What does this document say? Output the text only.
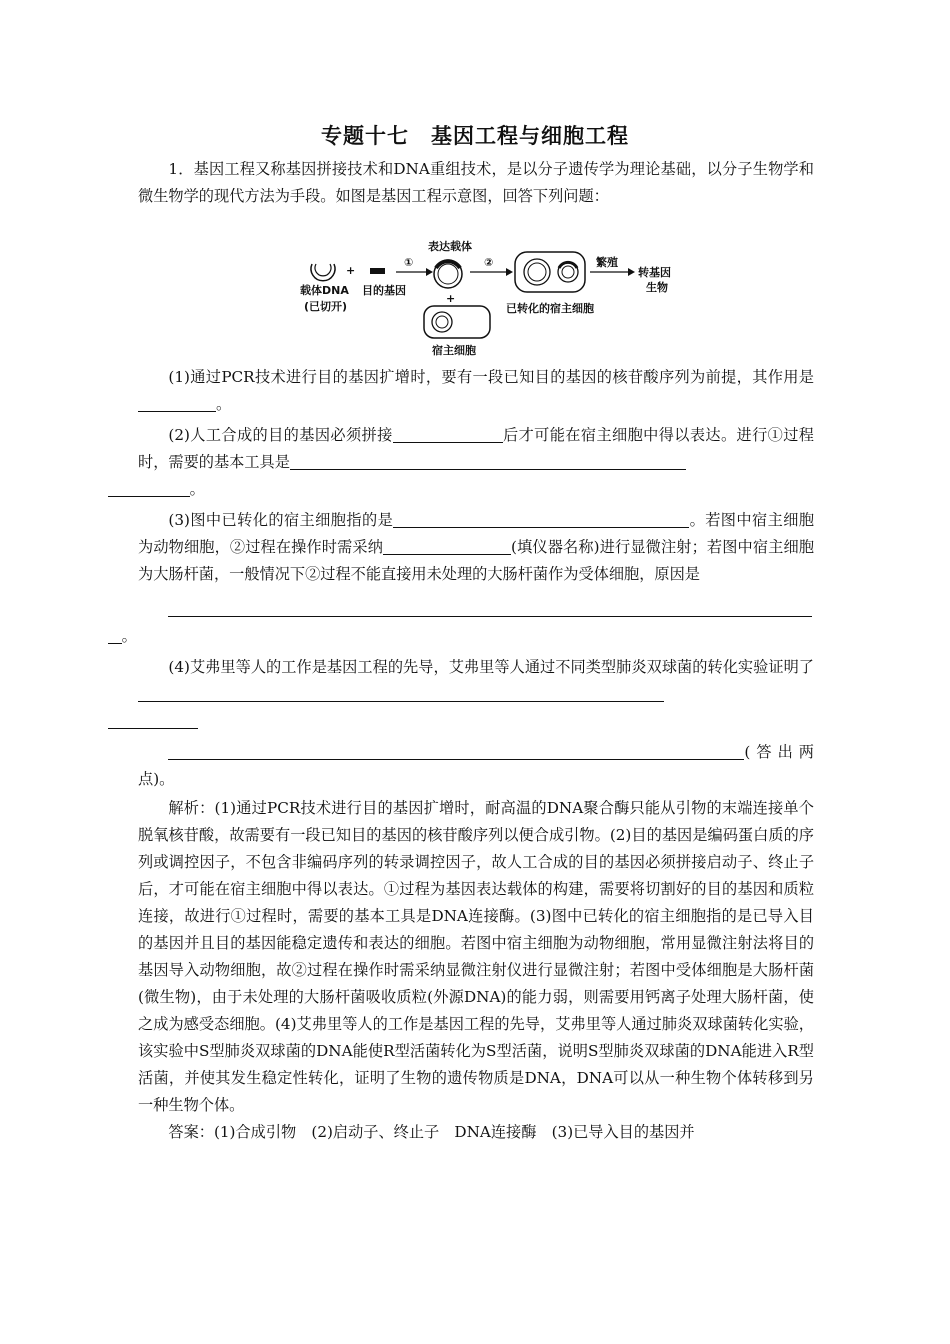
专题十七　基因工程与细胞工程

1．基因工程又称基因拼接技术和DNA重组技术，是以分子遗传学为理论基础，以分子生物学和微生物学的现代方法为手段。如图是基因工程示意图，回答下列问题：

+
载体DNA
(已切开)
目的基因
①
表达载体
+
②
已转化的宿主细胞
繁殖
转基因
生物
宿主细胞

(1)通过PCR技术进行目的基因扩增时，要有一段已知目的基因的核苷酸序列为前提，其作用是。

(2)人工合成的目的基因必须拼接	后才可能在宿主细胞中得以表达。进行①过程时，需要的基本工具是
。

(3)图中已转化的宿主细胞指的是	。若图中宿主细胞为动物细胞，②过程在操作时需采纳	(填仪器名称)进行显微注射；若图中宿主细胞为大肠杆菌，一般情况下②过程不能直接用未处理的大肠杆菌作为受体细胞，原因是

。

(4)艾弗里等人的工作是基因工程的先导，艾弗里等人通过不同类型肺炎双球菌的转化实验证明了

(答出两点)。

解析：(1)通过PCR技术进行目的基因扩增时，耐高温的DNA聚合酶只能从引物的末端连接单个脱氧核苷酸，故需要有一段已知目的基因的核苷酸序列以便合成引物。(2)目的基因是编码蛋白质的序列或调控因子，不包含非编码序列的转录调控因子，故人工合成的目的基因必须拼接启动子、终止子后，才可能在宿主细胞中得以表达。①过程为基因表达载体的构建，需要将切割好的目的基因和质粒连接，故进行①过程时，需要的基本工具是DNA连接酶。(3)图中已转化的宿主细胞指的是已导入目的基因并且目的基因能稳定遗传和表达的细胞。若图中宿主细胞为动物细胞，常用显微注射法将目的基因导入动物细胞，故②过程在操作时需采纳显微注射仪进行显微注射；若图中受体细胞是大肠杆菌(微生物)，由于未处理的大肠杆菌吸收质粒(外源DNA)的能力弱，则需要用钙离子处理大肠杆菌，使之成为感受态细胞。(4)艾弗里等人的工作是基因工程的先导，艾弗里等人通过肺炎双球菌转化实验，该实验中S型肺炎双球菌的DNA能使R型活菌转化为S型活菌，说明S型肺炎双球菌的DNA能进入R型活菌，并使其发生稳定性转化，证明了生物的遗传物质是DNA，DNA可以从一种生物个体转移到另一种生物个体。

答案：(1)合成引物　(2)启动子、终止子　DNA连接酶　(3)已导入目的基因并
